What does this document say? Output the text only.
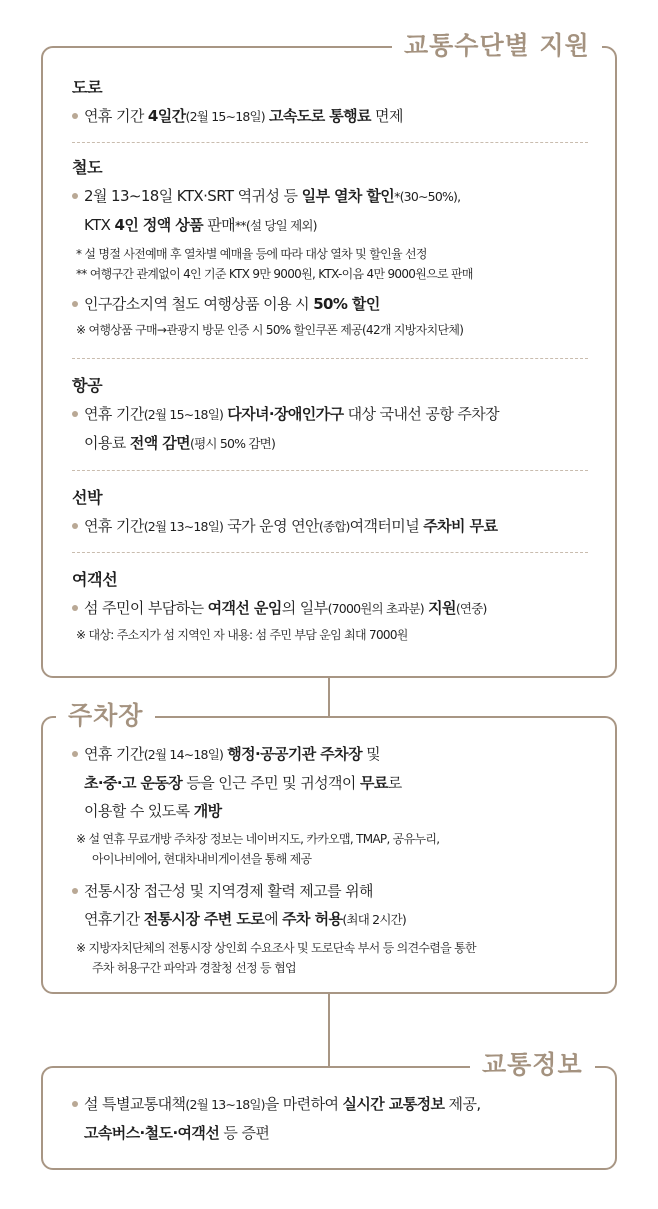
교통수단별 지원
도로
연휴 기간 4일간(2월 15∼18일) 고속도로 통행료 면제
철도
2월 13∼18일 KTX·SRT 역귀성 등 일부 열차 할인*(30∼50%),
KTX 4인 정액 상품 판매**(설 당일 제외)
* 설 명절 사전예매 후 열차별 예매율 등에 따라 대상 열차 및 할인율 선정
** 여행구간 관계없이 4인 기준 KTX 9만 9000원, KTX-이음 4만 9000원으로 판매
인구감소지역 철도 여행상품 이용 시 50% 할인
※ 여행상품 구매→관광지 방문 인증 시 50% 할인쿠폰 제공(42개 지방자치단체)
항공
연휴 기간(2월 15∼18일) 다자녀·장애인가구 대상 국내선 공항 주차장
이용료 전액 감면(평시 50% 감면)
선박
연휴 기간(2월 13∼18일) 국가 운영 연안(종합)여객터미널 주차비 무료
여객선
섬 주민이 부담하는 여객선 운임의 일부(7000원의 초과분) 지원(연중)
※ 대상: 주소지가 섬 지역인 자 내용: 섬 주민 부담 운임 최대 7000원
주차장
연휴 기간(2월 14∼18일) 행정·공공기관 주차장 및
초·중·고 운동장 등을 인근 주민 및 귀성객이 무료로
이용할 수 있도록 개방
※ 설 연휴 무료개방 주차장 정보는 네이버지도, 카카오맵, TMAP, 공유누리,
아이나비에어, 현대차내비게이션을 통해 제공
전통시장 접근성 및 지역경제 활력 제고를 위해
연휴기간 전통시장 주변 도로에 주차 허용(최대 2시간)
※ 지방자치단체의 전통시장 상인회 수요조사 및 도로단속 부서 등 의견수렴을 통한
주차 허용구간 파악과 경찰청 선정 등 협업
교통정보
설 특별교통대책(2월 13∼18일)을 마련하여 실시간 교통정보 제공,
고속버스·철도·여객선 등 증편
